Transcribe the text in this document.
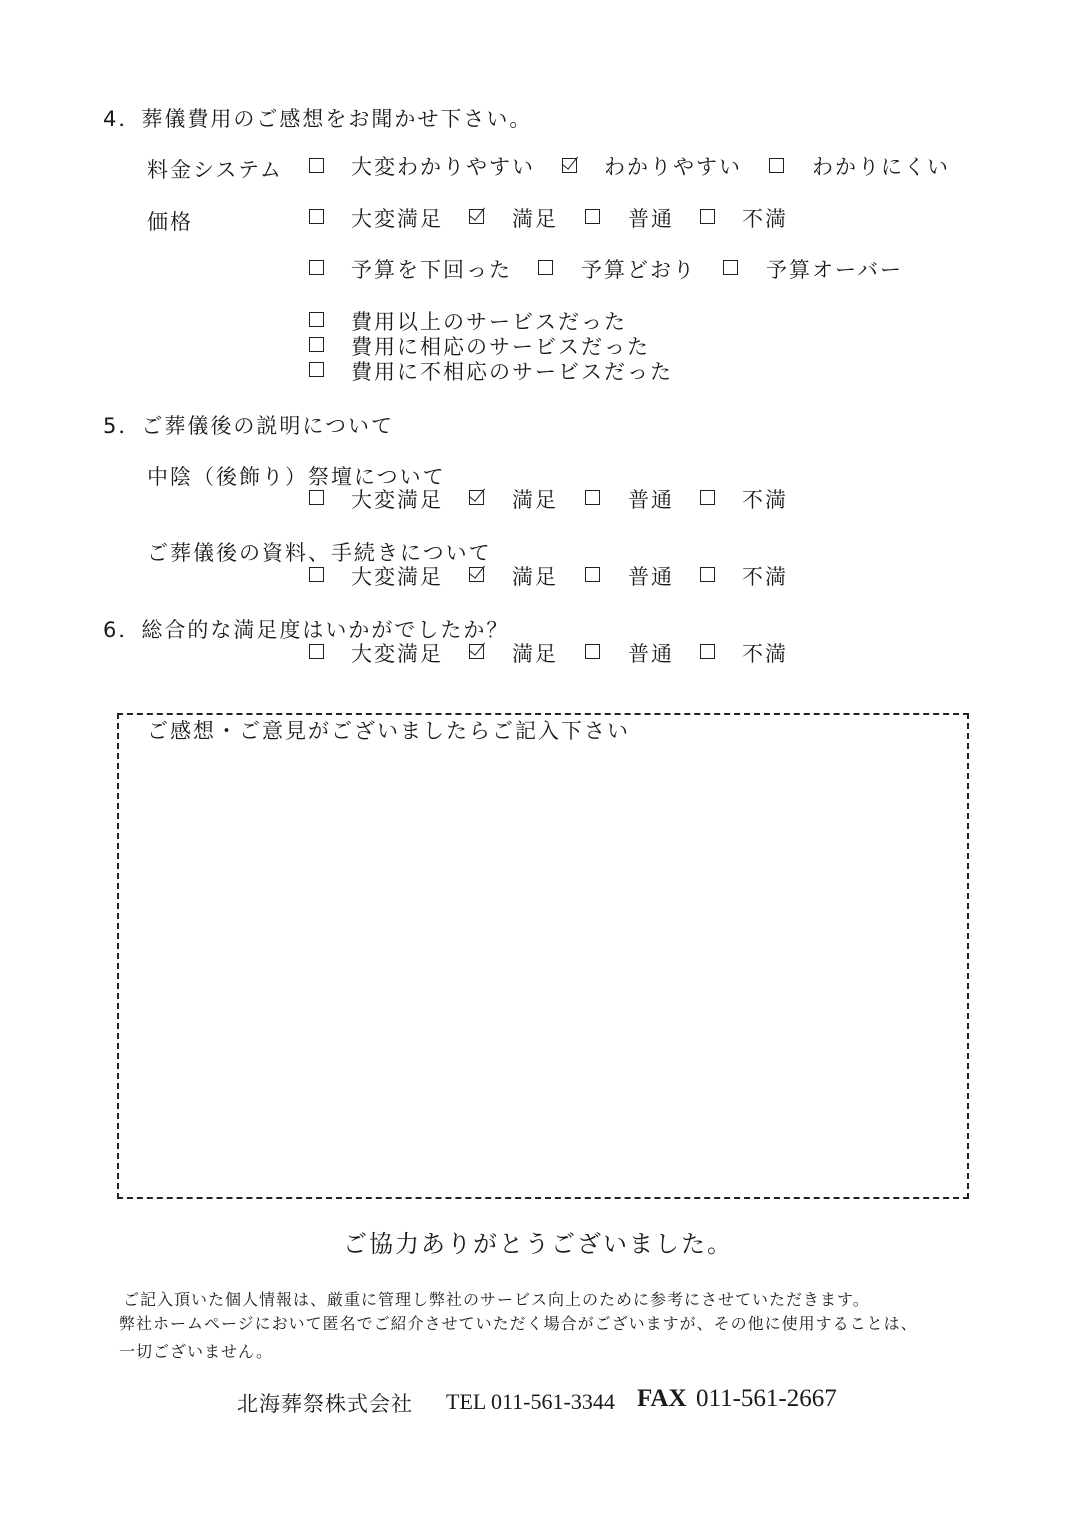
4．葬儀費用のご感想をお聞かせ下さい。
料金システム	大変わかりやすい	わかりやすい	わかりにくい
価格	大変満足	満足	普通	不満
予算を下回った	予算どおり	予算オーバー
費用以上のサービスだった
費用に相応のサービスだった
費用に不相応のサービスだった
5．ご葬儀後の説明について
中陰（後飾り）祭壇について
大変満足	満足	普通	不満
ご葬儀後の資料、手続きについて
大変満足	満足	普通	不満
6．総合的な満足度はいかがでしたか？
大変満足	満足	普通	不満
ご感想・ご意見がございましたらご記入下さい
ご協力ありがとうございました。
ご記入頂いた個人情報は、厳重に管理し弊社のサービス向上のために参考にさせていただきます。
弊社ホームページにおいて匿名でご紹介させていただく場合がございますが、その他に使用することは、
一切ございません。
北海葬祭株式会社 TEL 011-561-3344 FAX 011-561-2667
